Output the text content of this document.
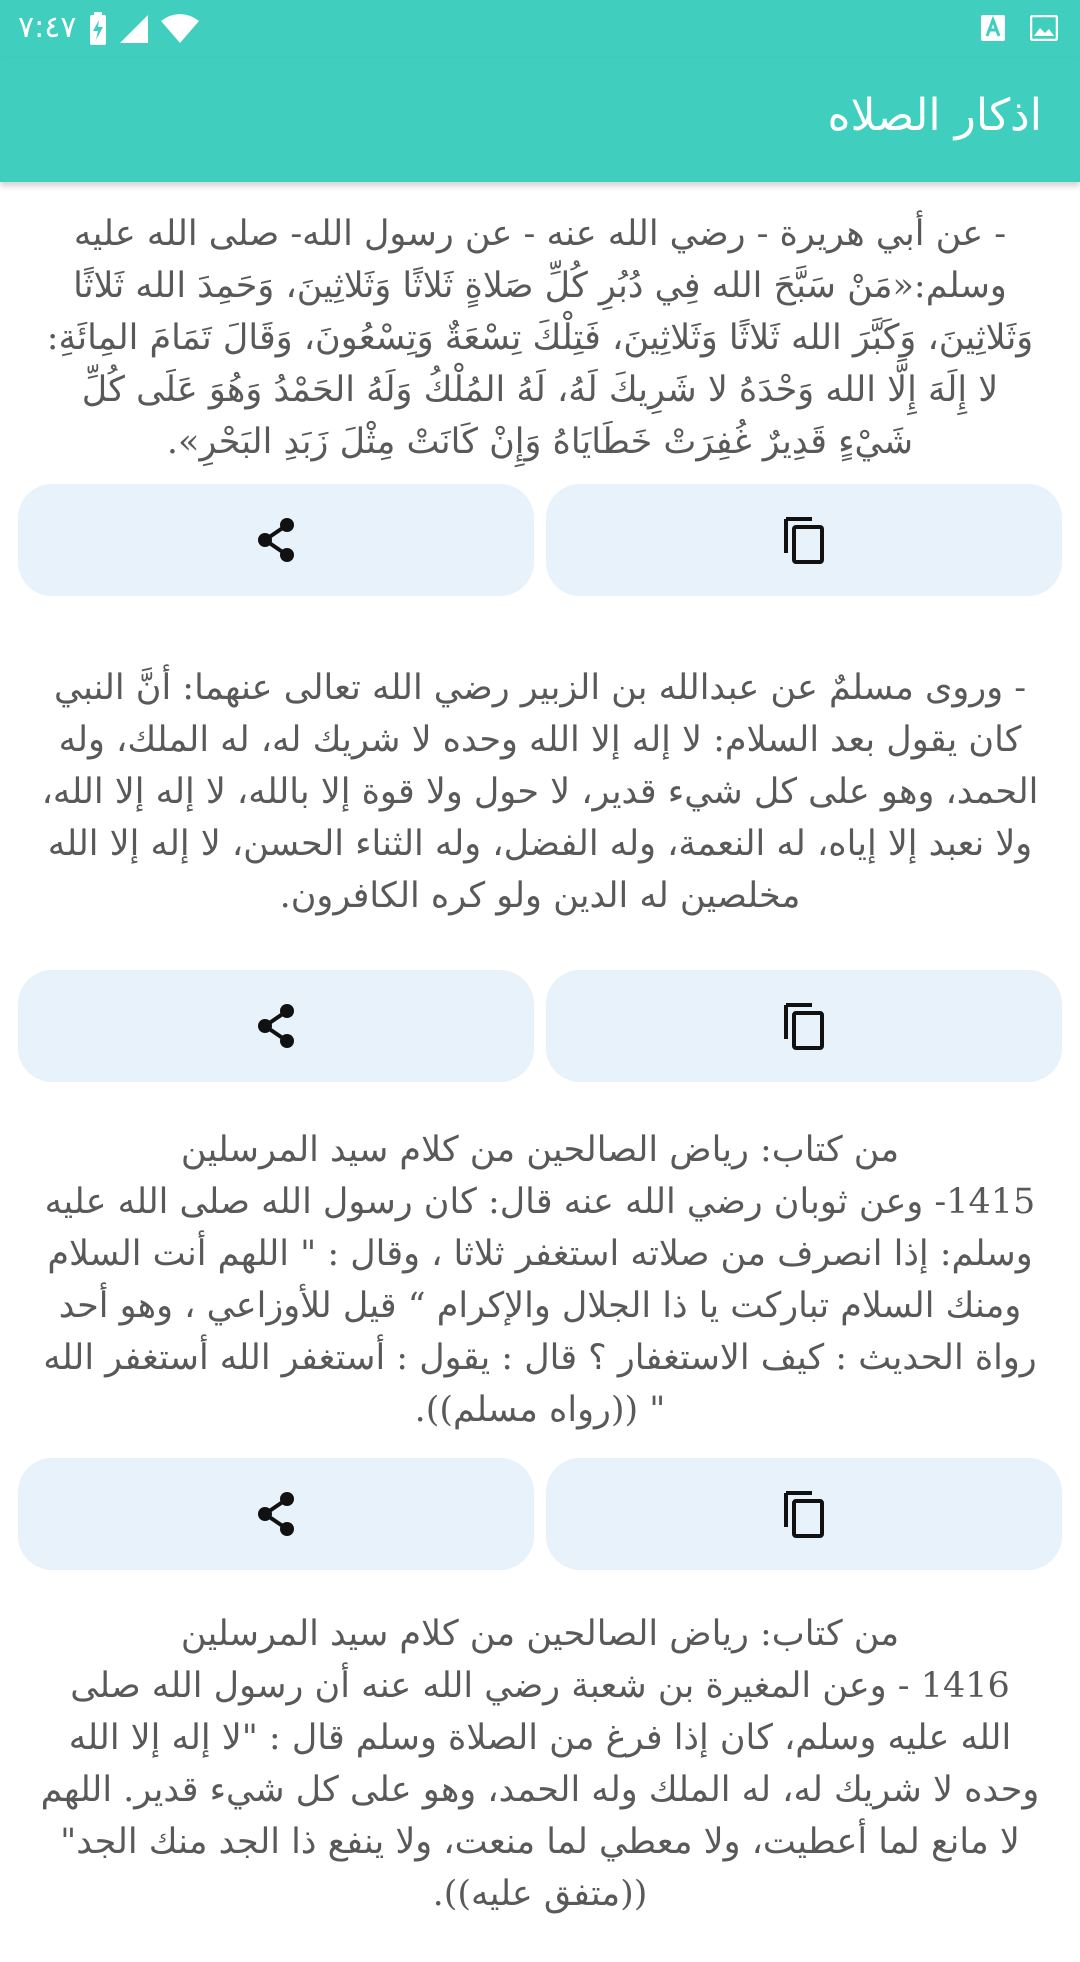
٧:٤٧
اذكار الصلاه
- عن أبي هريرة - رضي الله عنه - عن رسول الله- صلى الله عليه وسلم:«مَنْ سَبَّحَ الله فِي دُبُرِ كُلِّ صَلاةٍ ثَلاثًا وَثَلاثِينَ، وَحَمِدَ الله ثَلاثًا وَثَلاثِينَ، وَكَبَّرَ الله ثَلاثًا وَثَلاثِينَ، فَتِلْكَ تِسْعَةٌ وَتِسْعُونَ، وَقَالَ تَمَامَ المِائَةِ: لا إِلَهَ إِلَّا الله وَحْدَهُ لا شَرِيكَ لَهُ، لَهُ المُلْكُ وَلَهُ الحَمْدُ وَهُوَ عَلَى كُلِّ شَيْءٍ قَدِيرٌ غُفِرَتْ خَطَايَاهُ وَإِنْ كَانَتْ مِثْلَ زَبَدِ البَحْرِ».
- وروى مسلمٌ عن عبدالله بن الزبير رضي الله تعالى عنهما: أنَّ النبي كان يقول بعد السلام: لا إله إلا الله وحده لا شريك له، له الملك، وله الحمد، وهو على كل شيء قدير، لا حول ولا قوة إلا بالله، لا إله إلا الله، ولا نعبد إلا إياه، له النعمة، وله الفضل، وله الثناء الحسن، لا إله إلا الله مخلصين له الدين ولو كره الكافرون.
من كتاب: رياض الصالحين من كلام سيد المرسلين
1415- وعن ثوبان رضي الله عنه قال: كان رسول الله صلى الله عليه وسلم: إذا انصرف من صلاته استغفر ثلاثا ، وقال : " اللهم أنت السلام ومنك السلام تباركت يا ذا الجلال والإكرام “ قيل للأوزاعي ، وهو أحد رواة الحديث : كيف الاستغفار ؟ قال : يقول : أستغفر الله أستغفر الله " ((رواه مسلم)).
من كتاب: رياض الصالحين من كلام سيد المرسلين
1416 - وعن المغيرة بن شعبة رضي الله عنه أن رسول الله صلى الله عليه وسلم، كان إذا فرغ من الصلاة وسلم قال : "لا إله إلا الله وحده لا شريك له، له الملك وله الحمد، وهو على كل شيء قدير. اللهم لا مانع لما أعطيت، ولا معطي لما منعت، ولا ينفع ذا الجد منك الجد" ((متفق عليه)).
